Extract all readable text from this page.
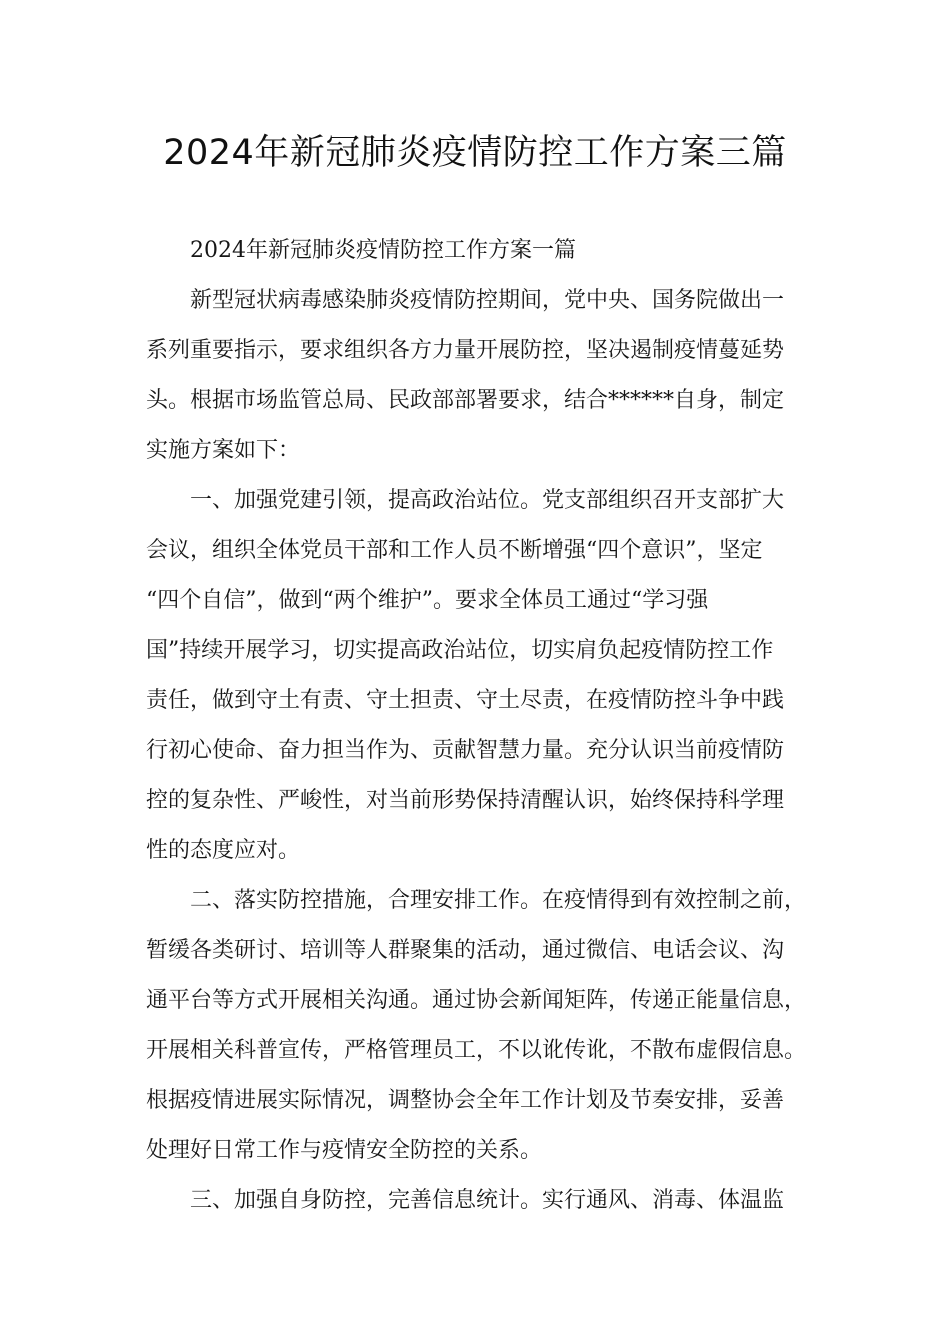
2024年新冠肺炎疫情防控工作方案三篇
2024年新冠肺炎疫情防控工作方案一篇
新型冠状病毒感染肺炎疫情防控期间，党中央、国务院做出一
系列重要指示，要求组织各方力量开展防控，坚决遏制疫情蔓延势
头。根据市场监管总局、民政部部署要求，结合******自身，制定
实施方案如下：
一、加强党建引领，提高政治站位。党支部组织召开支部扩大
会议，组织全体党员干部和工作人员不断增强“四个意识”，坚定
“四个自信”，做到“两个维护”。要求全体员工通过“学习强
国”持续开展学习，切实提高政治站位，切实肩负起疫情防控工作
责任，做到守土有责、守土担责、守土尽责，在疫情防控斗争中践
行初心使命、奋力担当作为、贡献智慧力量。充分认识当前疫情防
控的复杂性、严峻性，对当前形势保持清醒认识，始终保持科学理
性的态度应对。
二、落实防控措施，合理安排工作。在疫情得到有效控制之前，
暂缓各类研讨、培训等人群聚集的活动，通过微信、电话会议、沟
通平台等方式开展相关沟通。通过协会新闻矩阵，传递正能量信息，
开展相关科普宣传，严格管理员工，不以讹传讹，不散布虚假信息。
根据疫情进展实际情况，调整协会全年工作计划及节奏安排，妥善
处理好日常工作与疫情安全防控的关系。
三、加强自身防控，完善信息统计。实行通风、消毒、体温监
